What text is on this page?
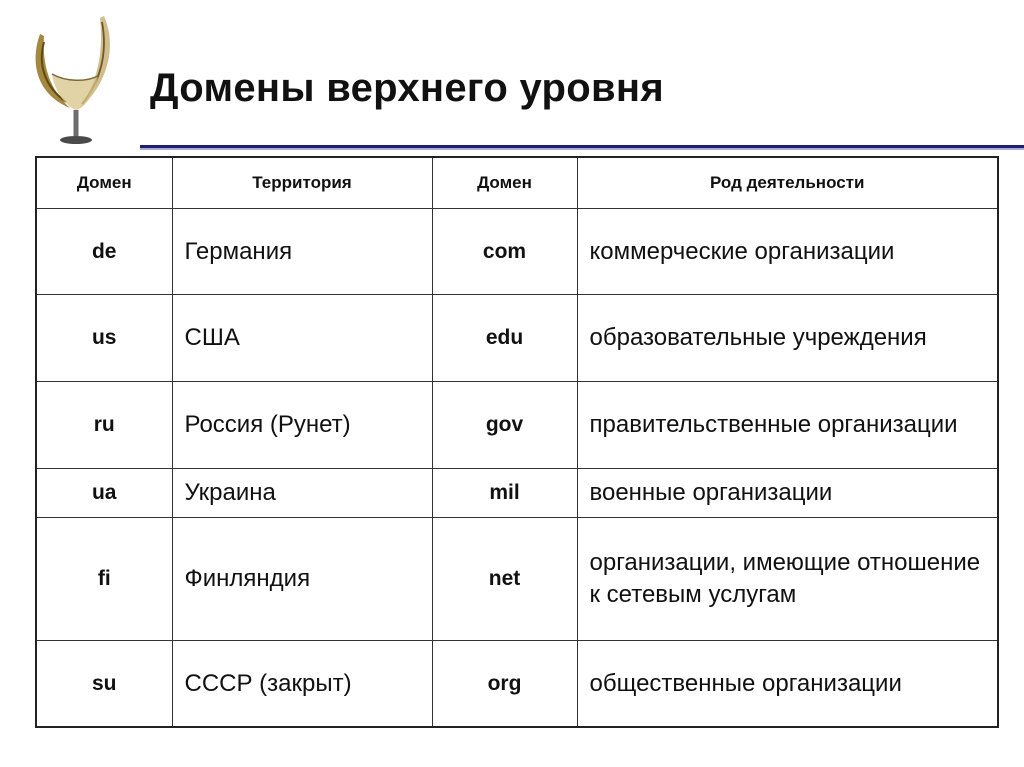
Домены верхнего уровня
Домен	Территория	Домен	Род деятельности
de	Германия	com	коммерческие организации
us	США	edu	образовательные учреждения
ru	Россия (Рунет)	gov	правительственные организации
ua	Украина	mil	военные организации
fi	Финляндия	net	организации, имеющие отношение к сетевым услугам
su	СССР (закрыт)	org	общественные организации
